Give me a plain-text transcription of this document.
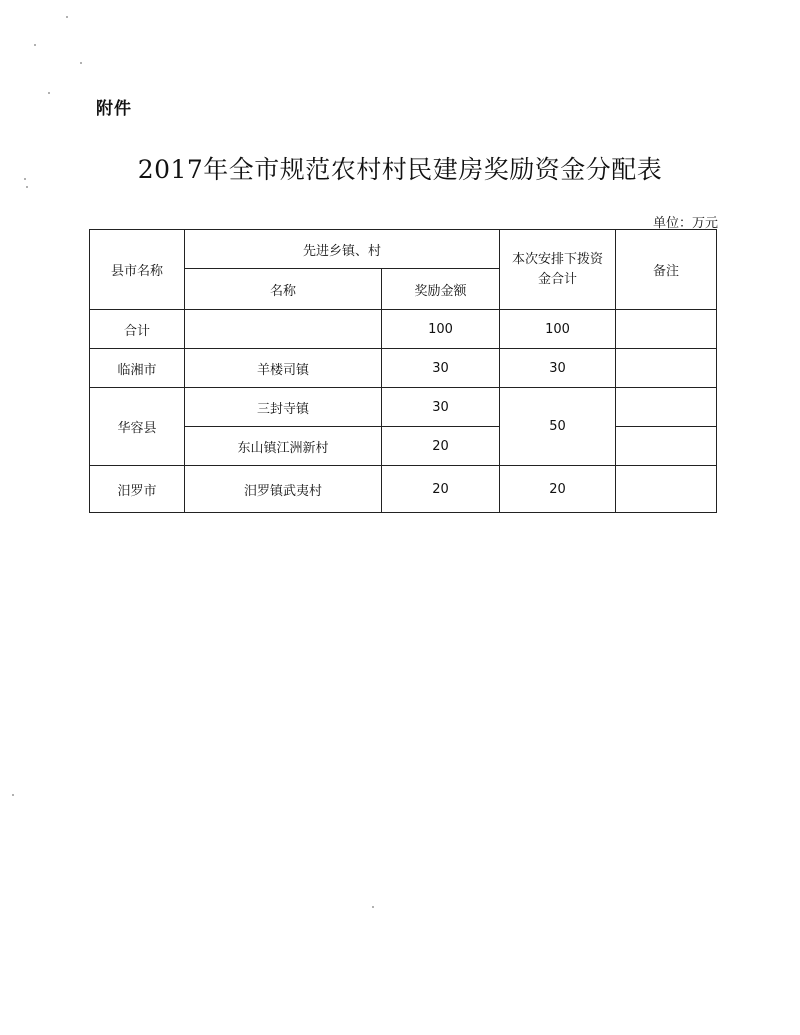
附件
2017年全市规范农村村民建房奖励资金分配表
单位：万元
县市名称	先进乡镇、村		本次安排下拨资金合计	备注
	名称	奖励金额		
合计		100	100	
临湘市	羊楼司镇	30	30	
华容县	三封寺镇	30	50	
	东山镇江洲新村	20		
汨罗市	汨罗镇武夷村	20	20	
